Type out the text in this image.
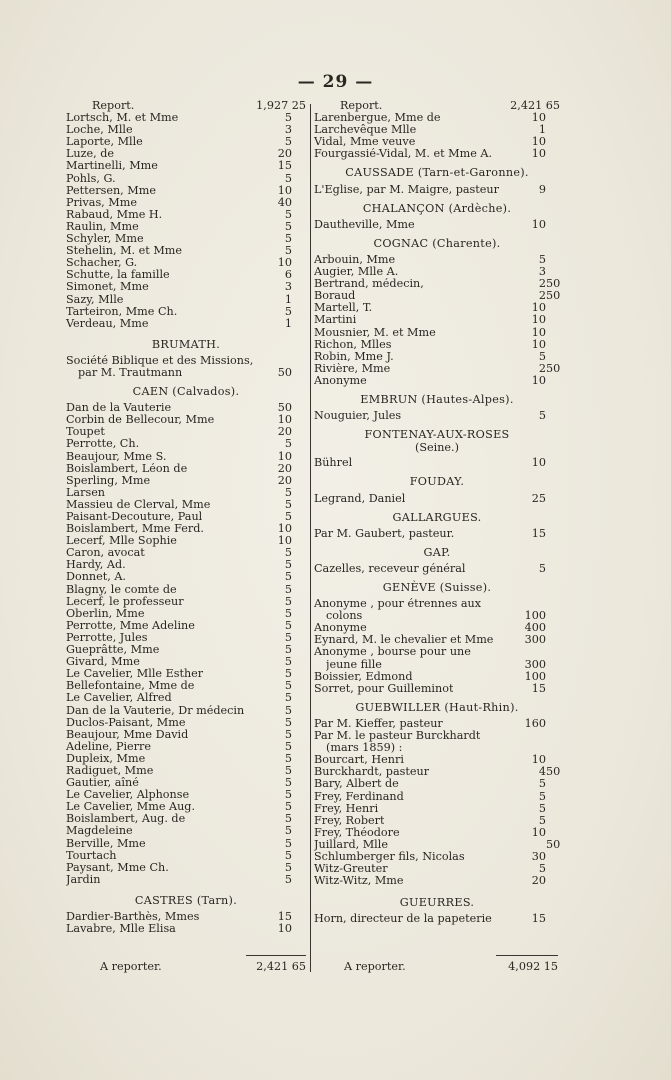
— 29 —
Report.	1,927 25
Lortsch, M. et Mme	5
Loche, Mlle	3
Laporte, Mlle	5
Luze, de	20
Martinelli, Mme	15
Pohls, G.	5
Pettersen, Mme	10
Privas, Mme	40
Rabaud, Mme H.	5
Raulin, Mme	5
Schyler, Mme	5
Stehelin, M. et Mme	5
Schacher, G.	10
Schutte, la famille	6
Simonet, Mme	3
Sazy, Mlle	1
Tarteiron, Mme Ch.	5
Verdeau, Mme	1
BRUMATH.
Société Biblique et des Missions,
par M. Trautmann	50
CAEN (Calvados).
Dan de la Vauterie	50
Corbin de Bellecour, Mme	10
Toupet	20
Perrotte, Ch.	5
Beaujour, Mme S.	10
Boislambert, Léon de	20
Sperling, Mme	20
Larsen	5
Massieu de Clerval, Mme	5
Paisant-Decouture, Paul	5
Boislambert, Mme Ferd.	10
Lecerf, Mlle Sophie	10
Caron, avocat	5
Hardy, Ad.	5
Donnet, A.	5
Blagny, le comte de	5
Lecerf, le professeur	5
Oberlin, Mme	5
Perrotte, Mme Adeline	5
Perrotte, Jules	5
Gueprâtte, Mme	5
Givard, Mme	5
Le Cavelier, Mlle Esther	5
Bellefontaine, Mme de	5
Le Cavelier, Alfred	5
Dan de la Vauterie, Dr médecin	5
Duclos-Paisant, Mme	5
Beaujour, Mme David	5
Adeline, Pierre	5
Dupleix, Mme	5
Radiguet, Mme	5
Gautier, aîné	5
Le Cavelier, Alphonse	5
Le Cavelier, Mme Aug.	5
Boislambert, Aug. de	5
Magdeleine	5
Berville, Mme	5
Tourtach	5
Paysant, Mme Ch.	5
Jardin	5
CASTRES (Tarn).
Dardier-Barthès, Mmes	15
Lavabre, Mlle Elisa	10
Report.	2,421 65
Larenbergue, Mme de	10
Larchevêque Mlle	1
Vidal, Mme veuve	10
Fourgassié-Vidal, M. et Mme A.	10
CAUSSADE (Tarn-et-Garonne).
L'Eglise, par M. Maigre, pasteur	9
CHALANÇON (Ardèche).
Dautheville, Mme	10
COGNAC (Charente).
Arbouin, Mme	5
Augier, Mlle A.	3
Bertrand, médecin,	250
Boraud	250
Martell, T.	10
Martini	10
Mousnier, M. et Mme	10
Richon, Mlles	10
Robin, Mme J.	5
Rivière, Mme	250
Anonyme	10
EMBRUN (Hautes-Alpes).
Nouguier, Jules	5
FONTENAY-AUX-ROSES
(Seine.)
Bührel	10
FOUDAY.
Legrand, Daniel	25
GALLARGUES.
Par M. Gaubert, pasteur.	15
GAP.
Cazelles, receveur général	5
GENÈVE (Suisse).
Anonyme , pour étrennes aux
colons	100
Anonyme	400
Eynard, M. le chevalier et Mme	300
Anonyme , bourse pour une
jeune fille	300
Boissier, Edmond	100
Sorret, pour Guilleminot	15
GUEBWILLER (Haut-Rhin).
Par M. Kieffer, pasteur	160
Par M. le pasteur Burckhardt
(mars 1859) :
Bourcart, Henri	10
Burckhardt, pasteur	450
Bary, Albert de	5
Frey, Ferdinand	5
Frey, Henri	5
Frey, Robert	5
Frey, Théodore	10
Juillard, Mlle	50
Schlumberger fils, Nicolas	30
Witz-Greuter	5
Witz-Witz, Mme	20
GUEURRES.
Horn, directeur de la papeterie	15
A reporter.	2,421 65	A reporter.	4,092 15
